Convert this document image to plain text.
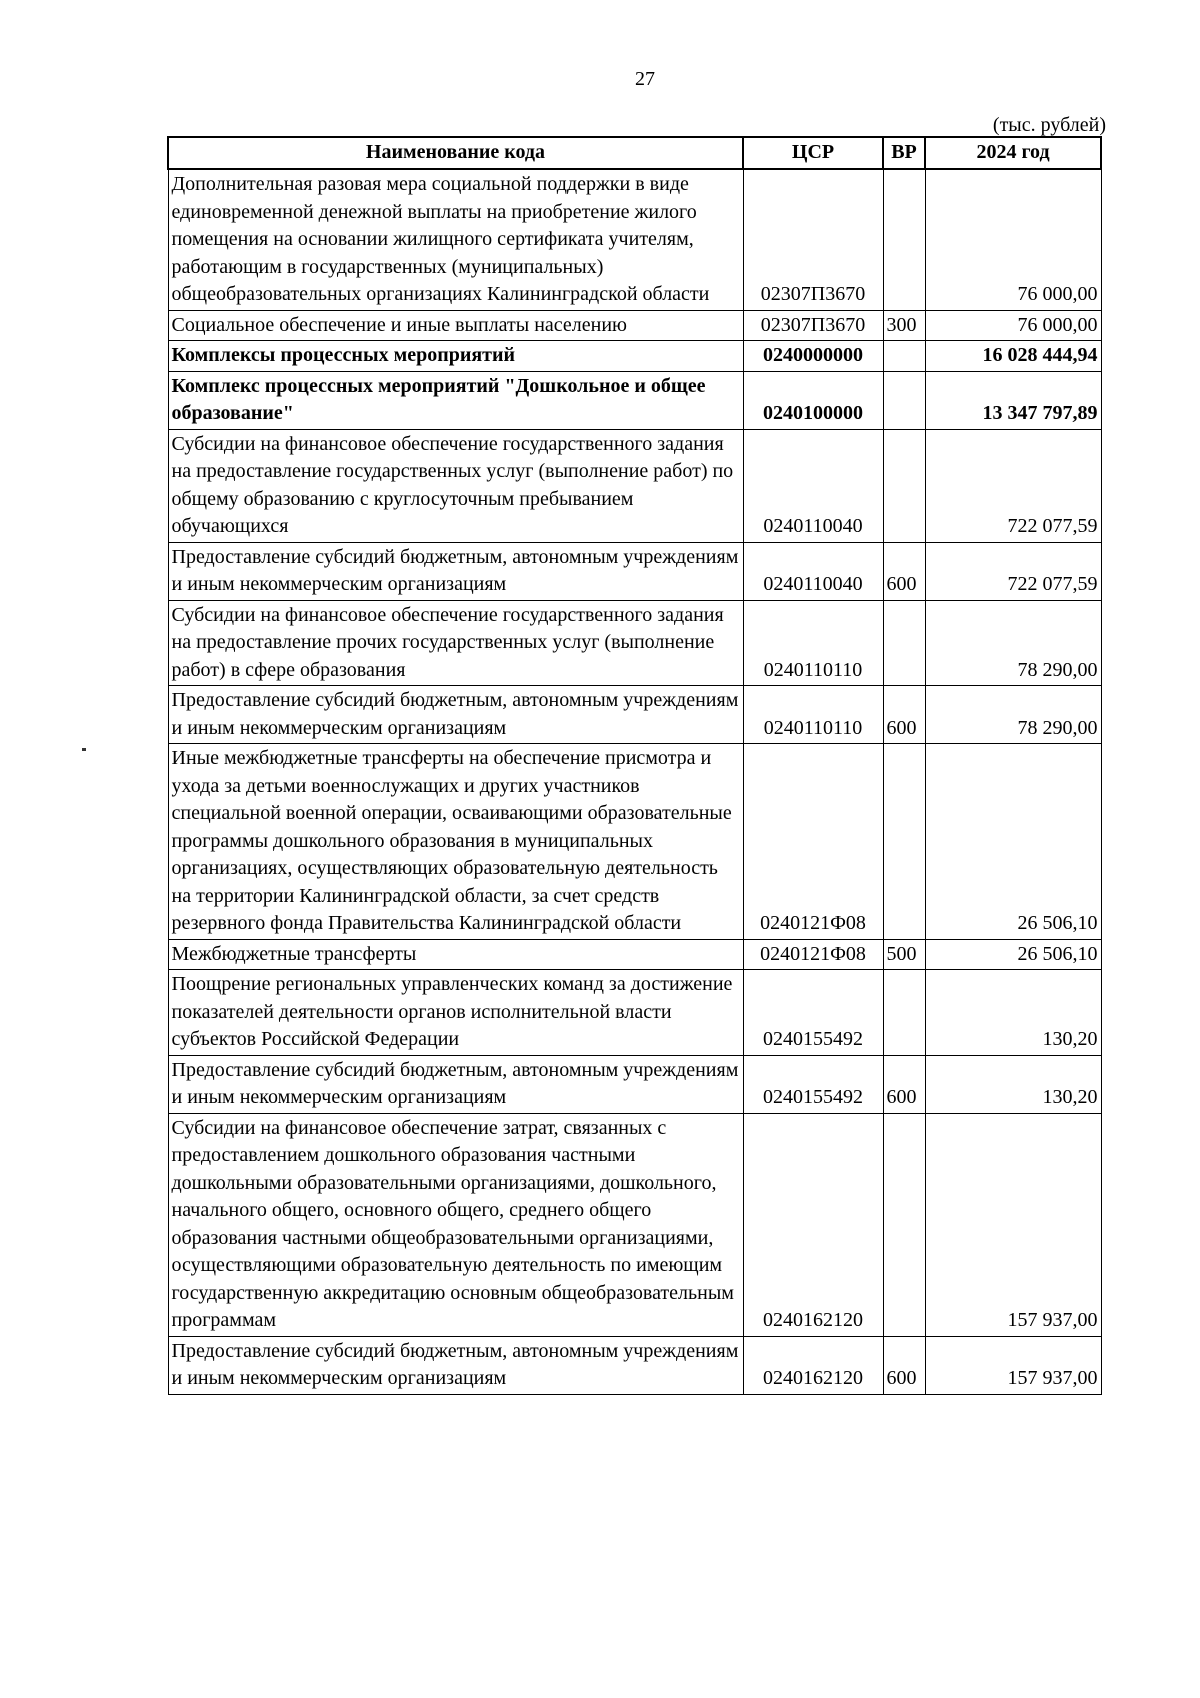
27
(тыс. рублей)
Наименование кода	ЦСР	ВР	2024 год
Дополнительная разовая мера социальной поддержки в виде единовременной денежной выплаты на приобретение жилого помещения на основании жилищного сертификата учителям, работающим в государственных (муниципальных) общеобразовательных организациях Калининградской области	02307П3670		76 000,00
Социальное обеспечение и иные выплаты населению	02307П3670	300	76 000,00
Комплексы процессных мероприятий	0240000000		16 028 444,94
Комплекс процессных мероприятий "Дошкольное и общее образование"	0240100000		13 347 797,89
Субсидии на финансовое обеспечение государственного задания на предоставление государственных услуг (выполнение работ) по общему образованию с круглосуточным пребыванием обучающихся	0240110040		722 077,59
Предоставление субсидий бюджетным, автономным учреждениям и иным некоммерческим организациям	0240110040	600	722 077,59
Субсидии на финансовое обеспечение государственного задания на предоставление прочих государственных услуг (выполнение работ) в сфере образования	0240110110		78 290,00
Предоставление субсидий бюджетным, автономным учреждениям и иным некоммерческим организациям	0240110110	600	78 290,00
Иные межбюджетные трансферты на обеспечение присмотра и ухода за детьми военнослужащих и других участников специальной военной операции, осваивающими образовательные программы дошкольного образования в муниципальных организациях, осуществляющих образовательную деятельность на территории Калининградской области, за счет средств резервного фонда Правительства Калининградской области	0240121Ф08		26 506,10
Межбюджетные трансферты	0240121Ф08	500	26 506,10
Поощрение региональных управленческих команд за достижение показателей деятельности органов исполнительной власти субъектов Российской Федерации	0240155492		130,20
Предоставление субсидий бюджетным, автономным учреждениям и иным некоммерческим организациям	0240155492	600	130,20
Субсидии на финансовое обеспечение затрат, связанных с предоставлением дошкольного образования частными дошкольными образовательными организациями, дошкольного, начального общего, основного общего, среднего общего образования частными общеобразовательными организациями, осуществляющими образовательную деятельность по имеющим государственную аккредитацию основным общеобразовательным программам	0240162120		157 937,00
Предоставление субсидий бюджетным, автономным учреждениям и иным некоммерческим организациям	0240162120	600	157 937,00
